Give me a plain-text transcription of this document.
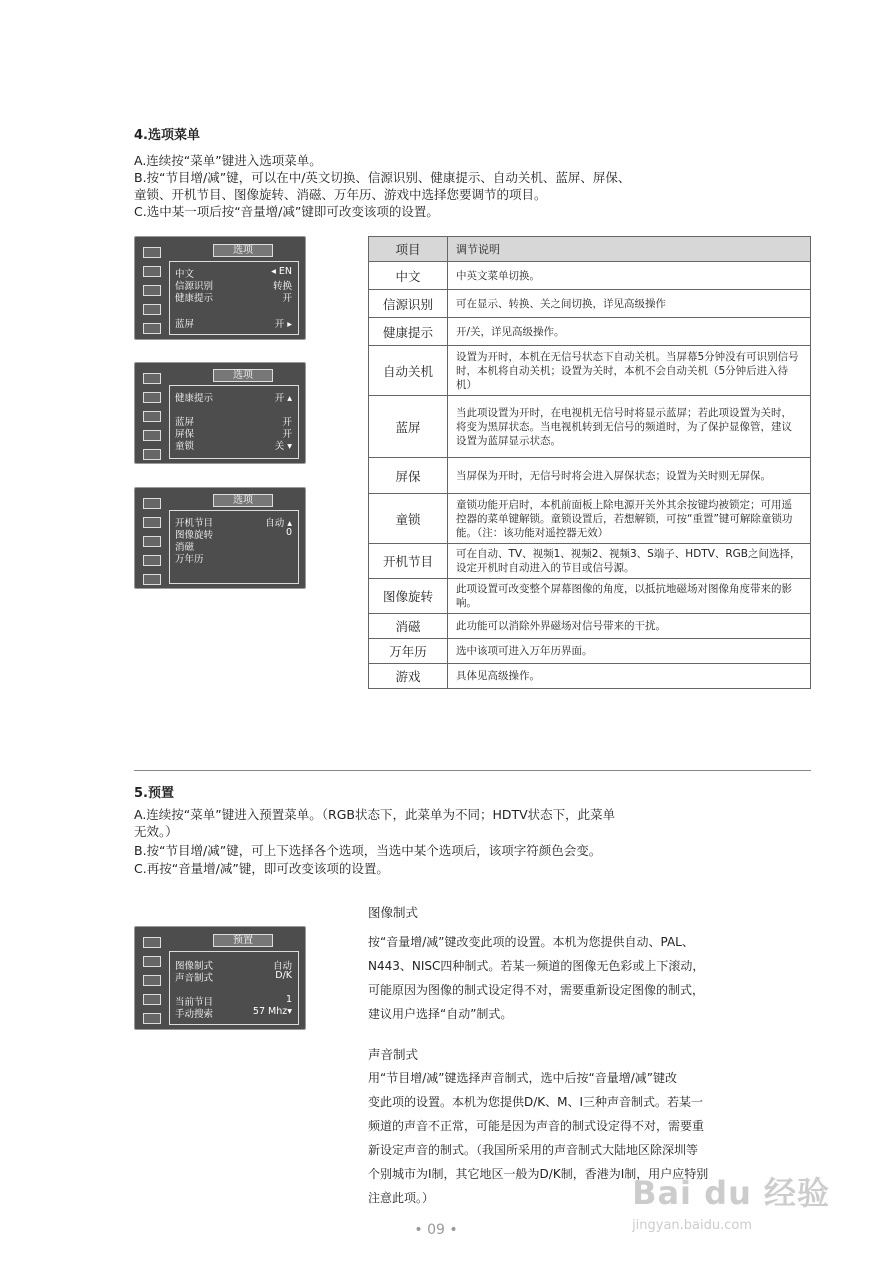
4.选项菜单
A.连续按“菜单”键进入选项菜单。
B.按“节目增/减”键，可以在中/英文切换、信源识别、健康提示、自动关机、蓝屏、屏保、
童锁、开机节目、图像旋转、消磁、万年历、游戏中选择您要调节的项目。
C.选中某一项后按“音量增/减”键即可改变该项的设置。
选项
中文	◂ EN
信源识别	转换
健康提示	开
蓝屏	开 ▸
选项
健康提示	开 ▴
蓝屏	开
屏保	开
童锁	关 ▾
选项
开机节目	自动 ▴
图像旋转	0
消磁
万年历
项目	调节说明
中文	中英文菜单切换。
信源识别	可在显示、转换、关之间切换，详见高级操作
健康提示	开/关，详见高级操作。
自动关机	设置为开时，本机在无信号状态下自动关机。当屏幕5分钟没有可识别信号时，本机将自动关机；设置为关时，本机不会自动关机（5分钟后进入待机）
蓝屏	当此项设置为开时，在电视机无信号时将显示蓝屏；若此项设置为关时，将变为黑屏状态。当电视机转到无信号的频道时，为了保护显像管，建议设置为蓝屏显示状态。
屏保	当屏保为开时，无信号时将会进入屏保状态；设置为关时则无屏保。
童锁	童锁功能开启时，本机前面板上除电源开关外其余按键均被锁定；可用遥控器的菜单键解锁。童锁设置后，若想解锁，可按“重置”键可解除童锁功能。（注：该功能对遥控器无效）
开机节目	可在自动、TV、视频1、视频2、视频3、S端子、HDTV、RGB之间选择，设定开机时自动进入的节目或信号源。
图像旋转	此项设置可改变整个屏幕图像的角度，以抵抗地磁场对图像角度带来的影响。
消磁	此功能可以消除外界磁场对信号带来的干扰。
万年历	选中该项可进入万年历界面。
游戏	具体见高级操作。
5.预置
A.连续按“菜单”键进入预置菜单。（RGB状态下，此菜单为不同；HDTV状态下，此菜单
无效。）
B.按“节目增/减”键，可上下选择各个选项，当选中某个选项后，该项字符颜色会变。
C.再按“音量增/减”键，即可改变该项的设置。
预置
图像制式	自动
声音制式	D/K
当前节目	1
手动搜索	57 Mhz▾
图像制式
按“音量增/减”键改变此项的设置。本机为您提供自动、PAL、
N443、NISC四种制式。若某一频道的图像无色彩或上下滚动，
可能原因为图像的制式设定得不对，需要重新设定图像的制式，
建议用户选择“自动”制式。
声音制式
用“节目增/减”键选择声音制式，选中后按“音量增/减”键改
变此项的设置。本机为您提供D/K、M、I三种声音制式。若某一
频道的声音不正常，可能是因为声音的制式设定得不对，需要重
新设定声音的制式。（我国所采用的声音制式大陆地区除深圳等
个别城市为I制，其它地区一般为D/K制，香港为I制，用户应特别
注意此项。）
• 09 •
Bai du 经验
jingyan.baidu.com
